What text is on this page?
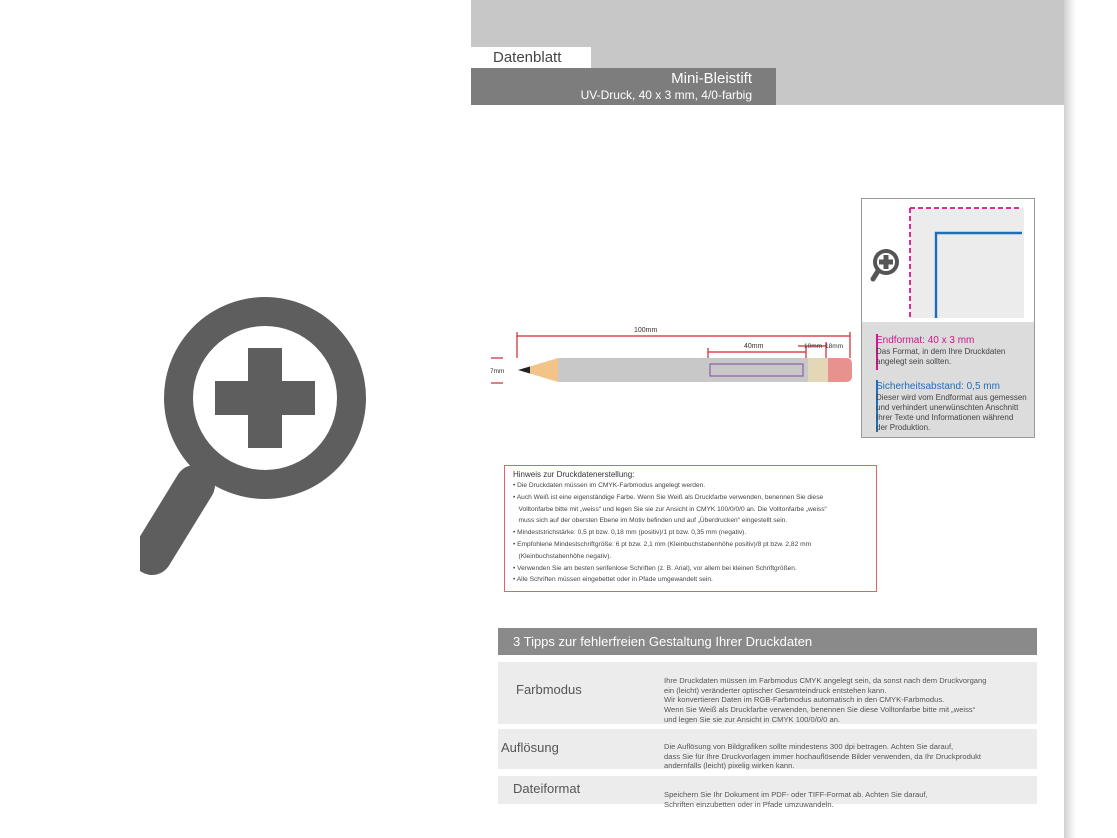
Datenblatt
Mini-Bleistift
UV-Druck, 40 x 3 mm, 4/0-farbig
100mm
40mm	10mm 18mm
7mm
Endformat: 40 x 3 mm
Das Format, in dem Ihre Druckdaten
angelegt sein sollten.
Sicherheitsabstand: 0,5 mm
Dieser wird vom Endformat aus gemessen
und verhindert unerwünschten Anschnitt
Ihrer Texte und Informationen während
der Produktion.
Hinweis zur Druckdatenerstellung:
• Die Druckdaten müssen im CMYK-Farbmodus angelegt werden.
• Auch Weiß ist eine eigenständige Farbe. Wenn Sie Weiß als Druckfarbe verwenden, benennen Sie diese
Volltonfarbe bitte mit „weiss“ und legen Sie sie zur Ansicht in CMYK 100/0/0/0 an. Die Volltonfarbe „weiss“
muss sich auf der obersten Ebene im Motiv befinden und auf „Überdrucken“ eingestellt sein.
• Mindeststrichstärke: 0,5 pt bzw. 0,18 mm (positiv)/1 pt bzw. 0,35 mm (negativ).
• Empfohlene Mindestschriftgröße: 6 pt bzw. 2,1 mm (Kleinbuchstabenhöhe positiv)/8 pt bzw. 2,82 mm
(Kleinbuchstabenhöhe negativ).
• Verwenden Sie am besten serifenlose Schriften (z. B. Arial), vor allem bei kleinen Schriftgrößen.
• Alle Schriften müssen eingebettet oder in Pfade umgewandelt sein.
3 Tipps zur fehlerfreien Gestaltung Ihrer Druckdaten
Farbmodus

Ihre Druckdaten müssen im Farbmodus CMYK angelegt sein, da sonst nach dem Druckvorgang
ein (leicht) veränderter optischer Gesamteindruck entstehen kann.
Wir konvertieren Daten im RGB-Farbmodus automatisch in den CMYK-Farbmodus.
Wenn Sie Weiß als Druckfarbe verwenden, benennen Sie diese Volltonfarbe bitte mit „weiss“
und legen Sie sie zur Ansicht in CMYK 100/0/0/0 an.
Auflösung	Die Auflösung von Bildgrafiken sollte mindestens 300 dpi betragen. Achten Sie darauf,
dass Sie für Ihre Druckvorlagen immer hochauflösende Bilder verwenden, da Ihr Druckprodukt
andernfalls (leicht) pixelig wirken kann.
Dateiformat	Speichern Sie Ihr Dokument im PDF- oder TIFF-Format ab. Achten Sie darauf,
Schriften einzubetten oder in Pfade umzuwandeln.
